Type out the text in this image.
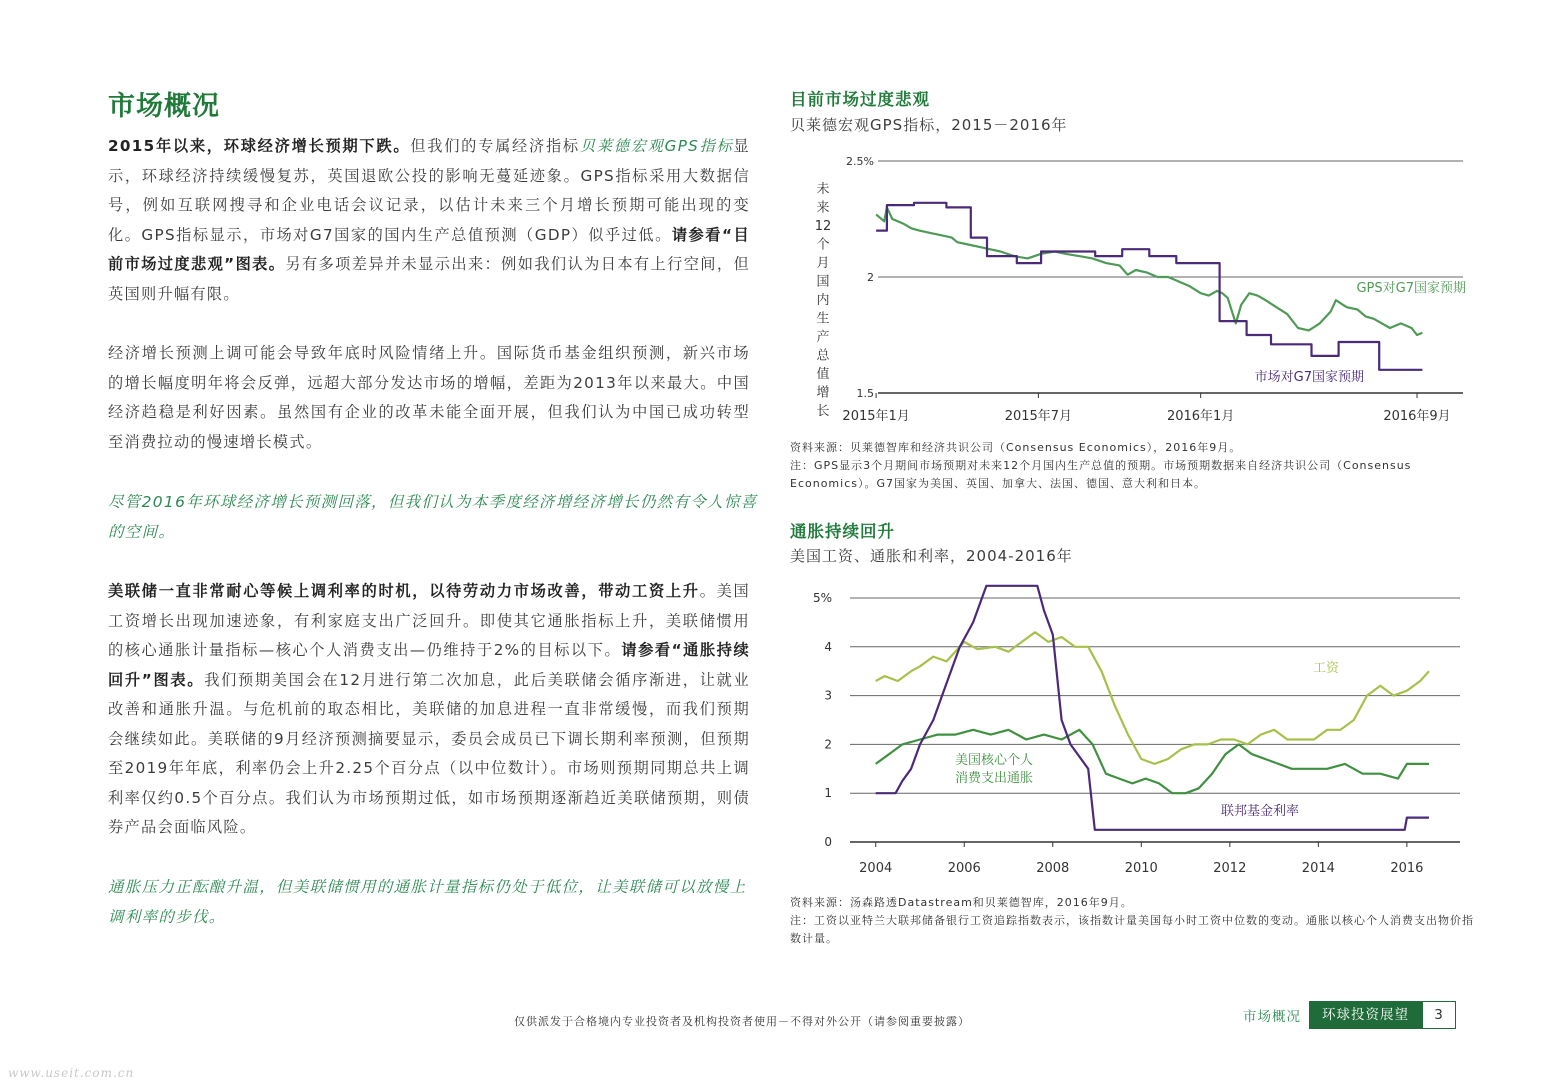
市场概况
2015年以来，环球经济增长预期下跌。但我们的专属经济指标贝莱德宏观GPS指标显示，环球经济持续缓慢复苏，英国退欧公投的影响无蔓延迹象。GPS指标采用大数据信号，例如互联网搜寻和企业电话会议记录，以估计未来三个月增长预期可能出现的变化。GPS指标显示，市场对G7国家的国内生产总值预测（GDP）似乎过低。请参看“目前市场过度悲观”图表。另有多项差异并未显示出来：例如我们认为日本有上行空间，但英国则升幅有限。
经济增长预测上调可能会导致年底时风险情绪上升。国际货币基金组织预测，新兴市场的增长幅度明年将会反弹，远超大部分发达市场的增幅，差距为2013年以来最大。中国经济趋稳是利好因素。虽然国有企业的改革未能全面开展，但我们认为中国已成功转型至消费拉动的慢速增长模式。
尽管2016年环球经济增长预测回落，但我们认为本季度经济增经济增长仍然有令人惊喜的空间。
美联储一直非常耐心等候上调利率的时机，以待劳动力市场改善，带动工资上升。美国工资增长出现加速迹象，有利家庭支出广泛回升。即使其它通胀指标上升，美联储惯用的核心通胀计量指标—核心个人消费支出—仍维持于2%的目标以下。请参看“通胀持续回升”图表。我们预期美国会在12月进行第二次加息，此后美联储会循序渐进，让就业改善和通胀升温。与危机前的取态相比，美联储的加息进程一直非常缓慢，而我们预期会继续如此。美联储的9月经济预测摘要显示，委员会成员已下调长期利率预测，但预期至2019年年底，利率仍会上升2.25个百分点（以中位数计）。市场则预期同期总共上调利率仅约0.5个百分点。我们认为市场预期过低，如市场预期逐渐趋近美联储预期，则债券产品会面临风险。
通胀压力正酝酿升温，但美联储惯用的通胀计量指标仍处于低位，让美联储可以放慢上调利率的步伐。
目前市场过度悲观
贝莱德宏观GPS指标，2015－2016年
2.5%
2
1.5
2015年1月	2015年7月	2016年1月	2016年9月
未
来
12
个
月
国
内
生
产
总
值
增
长
GPS对G7国家预期
市场对G7国家预期
资料来源：贝莱德智库和经济共识公司（Consensus Economics），2016年9月。
注：GPS显示3个月期间市场预期对未来12个月国内生产总值的预期。市场预期数据来自经济共识公司（Consensus Economics）。G7国家为美国、英国、加拿大、法国、德国、意大利和日本。
通胀持续回升
美国工资、通胀和利率，2004-2016年
5%
4
3
2
1
0
2004	2006	2008	2010	2012	2014	2016
工资
美国核心个人
消费支出通胀
联邦基金利率
资料来源：汤森路透Datastream和贝莱德智库，2016年9月。
注：工资以亚特兰大联邦储备银行工资追踪指数表示，该指数计量美国每小时工资中位数的变动。通胀以核心个人消费支出物价指数计量。
仅供派发于合格境内专业投资者及机构投资者使用－不得对外公开（请参阅重要披露）	市场概况	环球投资展望	3
www.useit.com.cn
